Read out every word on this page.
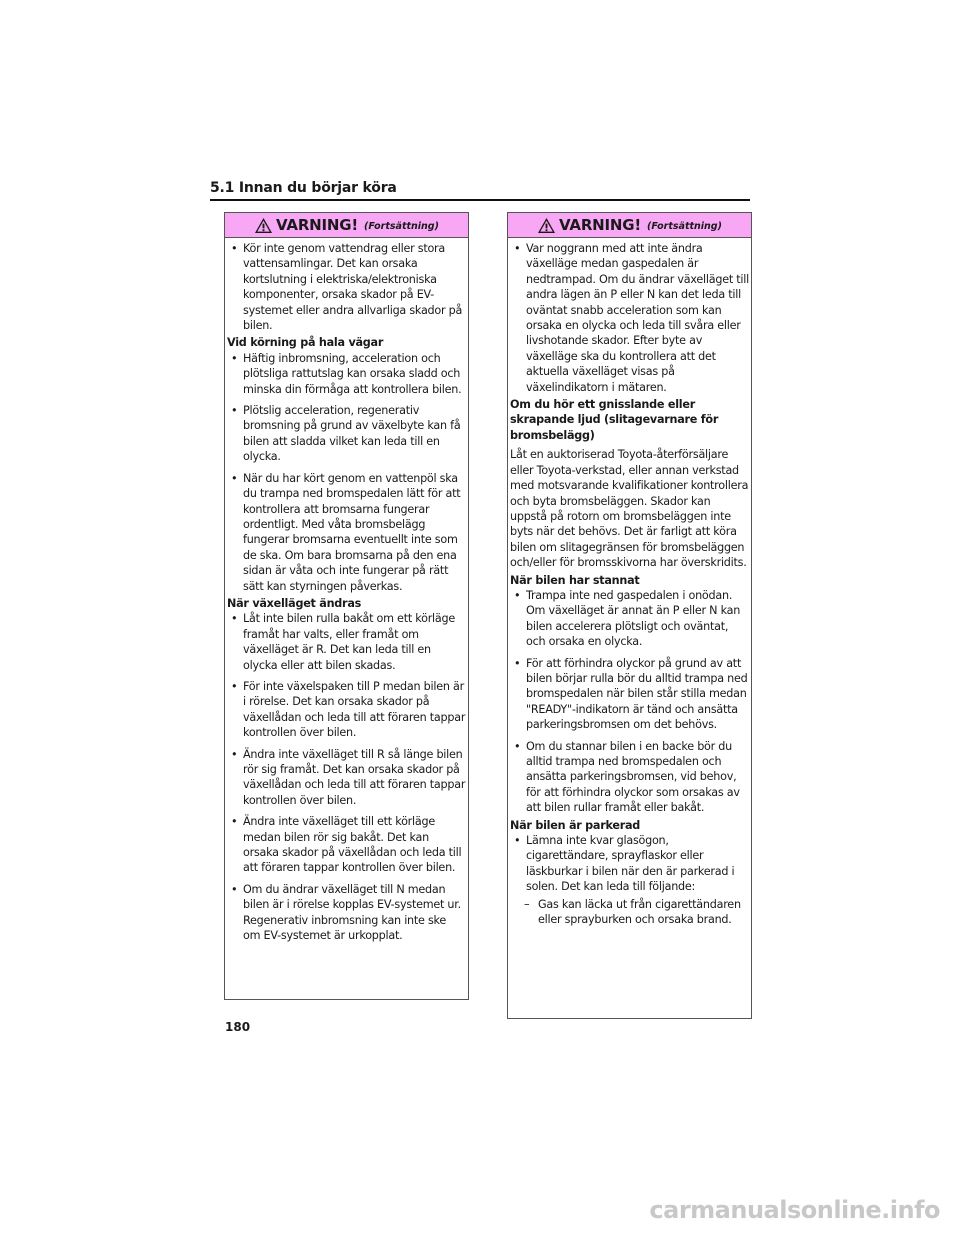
5.1 Innan du börjar köra
VARNING! (Fortsättning)
• Kör inte genom vattendrag eller stora vattensamlingar. Det kan orsaka kortslutning i elektriska/elektroniska komponenter, orsaka skador på EV-systemet eller andra allvarliga skador på bilen.
Vid körning på hala vägar
• Häftig inbromsning, acceleration och plötsliga rattutslag kan orsaka sladd och minska din förmåga att kontrollera bilen.
• Plötslig acceleration, regenerativ bromsning på grund av växelbyte kan få bilen att sladda vilket kan leda till en olycka.
• När du har kört genom en vattenpöl ska du trampa ned bromspedalen lätt för att kontrollera att bromsarna fungerar ordentligt. Med våta bromsbelägg fungerar bromsarna eventuellt inte som de ska. Om bara bromsarna på den ena sidan är våta och inte fungerar på rätt sätt kan styrningen påverkas.
När växelläget ändras
• Låt inte bilen rulla bakåt om ett körläge framåt har valts, eller framåt om växelläget är R. Det kan leda till en olycka eller att bilen skadas.
• För inte växelspaken till P medan bilen är i rörelse. Det kan orsaka skador på växellådan och leda till att föraren tappar kontrollen över bilen.
• Ändra inte växelläget till R så länge bilen rör sig framåt. Det kan orsaka skador på växellådan och leda till att föraren tappar kontrollen över bilen.
• Ändra inte växelläget till ett körläge medan bilen rör sig bakåt. Det kan orsaka skador på växellådan och leda till att föraren tappar kontrollen över bilen.
• Om du ändrar växelläget till N medan bilen är i rörelse kopplas EV-systemet ur. Regenerativ inbromsning kan inte ske om EV-systemet är urkopplat.
VARNING! (Fortsättning)
• Var noggrann med att inte ändra växelläge medan gaspedalen är nedtrampad. Om du ändrar växelläget till andra lägen än P eller N kan det leda till oväntat snabb acceleration som kan orsaka en olycka och leda till svåra eller livshotande skador. Efter byte av växelläge ska du kontrollera att det aktuella växelläget visas på växelindikatorn i mätaren.
Om du hör ett gnisslande eller skrapande ljud (slitagevarnare för bromsbelägg)
Låt en auktoriserad Toyota-återförsäljare eller Toyota-verkstad, eller annan verkstad med motsvarande kvalifikationer kontrollera och byta bromsbeläggen. Skador kan uppstå på rotorn om bromsbeläggen inte byts när det behövs. Det är farligt att köra bilen om slitagegränsen för bromsbeläggen och/eller för bromsskivorna har överskridits.
När bilen har stannat
• Trampa inte ned gaspedalen i onödan. Om växelläget är annat än P eller N kan bilen accelerera plötsligt och oväntat, och orsaka en olycka.
• För att förhindra olyckor på grund av att bilen börjar rulla bör du alltid trampa ned bromspedalen när bilen står stilla medan "READY"-indikatorn är tänd och ansätta parkeringsbromsen om det behövs.
• Om du stannar bilen i en backe bör du alltid trampa ned bromspedalen och ansätta parkeringsbromsen, vid behov, för att förhindra olyckor som orsakas av att bilen rullar framåt eller bakåt.
När bilen är parkerad
• Lämna inte kvar glasögon, cigarettändare, sprayflaskor eller läskburkar i bilen när den är parkerad i solen. Det kan leda till följande:
– Gas kan läcka ut från cigarettändaren eller sprayburken och orsaka brand.
180
carmanualsonline.info
